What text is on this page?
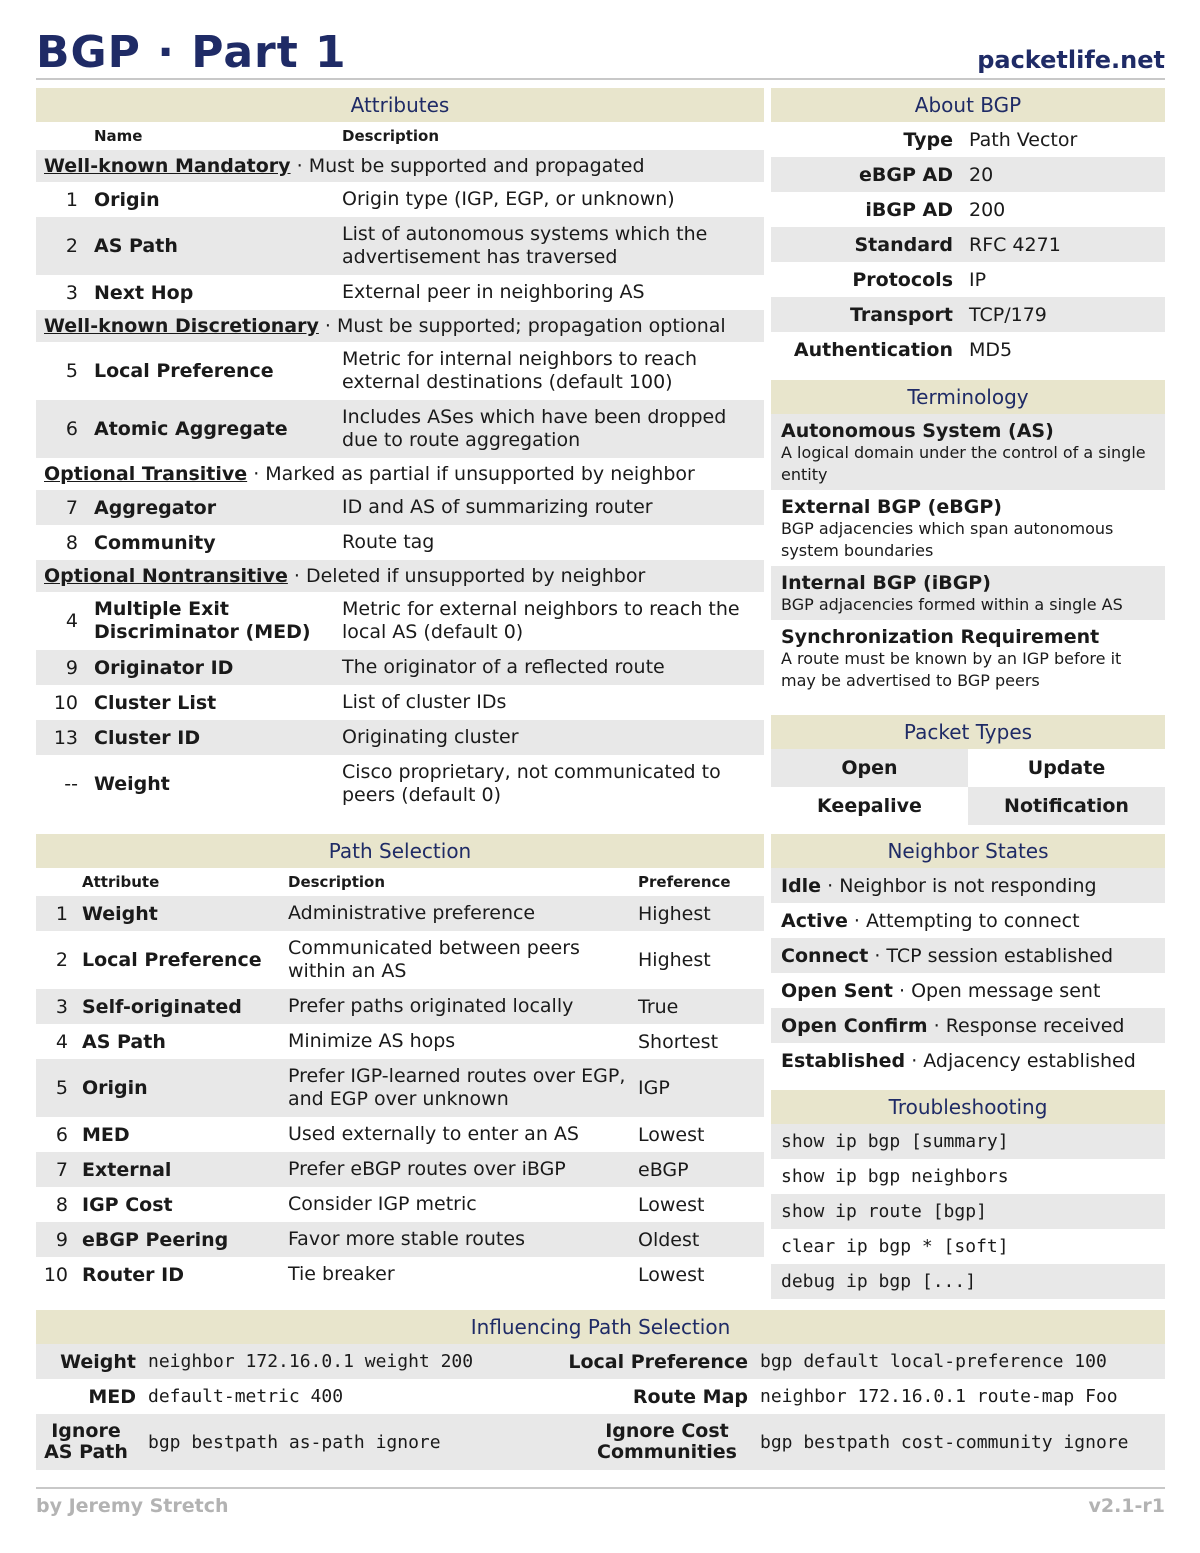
BGP · Part 1	packetlife.net
Attributes
	Name	Description
Well-known Mandatory · Must be supported and propagated		
1	Origin	Origin type (IGP, EGP, or unknown)
2	AS Path	List of autonomous systems which the advertisement has traversed
3	Next Hop	External peer in neighboring AS
Well-known Discretionary · Must be supported; propagation optional		
5	Local Preference	Metric for internal neighbors to reach external destinations (default 100)
6	Atomic Aggregate	Includes ASes which have been dropped due to route aggregation
Optional Transitive · Marked as partial if unsupported by neighbor		
7	Aggregator	ID and AS of summarizing router
8	Community	Route tag
Optional Nontransitive · Deleted if unsupported by neighbor		
4	Multiple Exit Discriminator (MED)	Metric for external neighbors to reach the local AS (default 0)
9	Originator ID	The originator of a reflected route
10	Cluster List	List of cluster IDs
13	Cluster ID	Originating cluster
--	Weight	Cisco proprietary, not communicated to peers (default 0)
About BGP
Type	Path Vector
eBGP AD	20
iBGP AD	200
Standard	RFC 4271
Protocols	IP
Transport	TCP/179
Authentication	MD5
Terminology
Autonomous System (AS)
A logical domain under the control of a single entity
External BGP (eBGP)
BGP adjacencies which span autonomous system boundaries
Internal BGP (iBGP)
BGP adjacencies formed within a single AS
Synchronization Requirement
A route must be known by an IGP before it may be advertised to BGP peers
Packet Types
Open	Update
Keepalive	Notification
Path Selection
	Attribute	Description	Preference
1	Weight	Administrative preference	Highest
2	Local Preference	Communicated between peers within an AS	Highest
3	Self-originated	Prefer paths originated locally	True
4	AS Path	Minimize AS hops	Shortest
5	Origin	Prefer IGP-learned routes over EGP, and EGP over unknown	IGP
6	MED	Used externally to enter an AS	Lowest
7	External	Prefer eBGP routes over iBGP	eBGP
8	IGP Cost	Consider IGP metric	Lowest
9	eBGP Peering	Favor more stable routes	Oldest
10	Router ID	Tie breaker	Lowest
Neighbor States
Idle · Neighbor is not responding
Active · Attempting to connect
Connect · TCP session established
Open Sent · Open message sent
Open Confirm · Response received
Established · Adjacency established
Troubleshooting
show ip bgp [summary]
show ip bgp neighbors
show ip route [bgp]
clear ip bgp * [soft]
debug ip bgp [...]
Influencing Path Selection
Weight	neighbor 172.16.0.1 weight 200	Local Preference	bgp default local-preference 100
MED	default-metric 400	Route Map	neighbor 172.16.0.1 route-map Foo
Ignore AS Path	bgp bestpath as-path ignore	Ignore Cost Communities	bgp bestpath cost-community ignore
by Jeremy Stretch	v2.1-r1
